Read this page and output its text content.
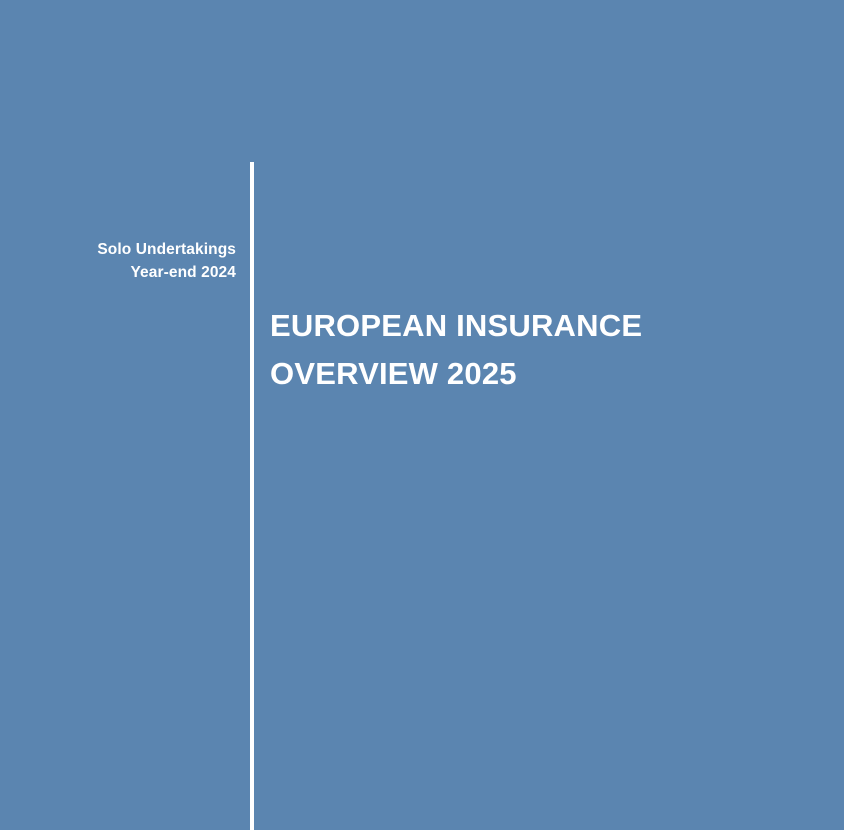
Solo Undertakings
Year-end 2024
EUROPEAN INSURANCE
OVERVIEW 2025
